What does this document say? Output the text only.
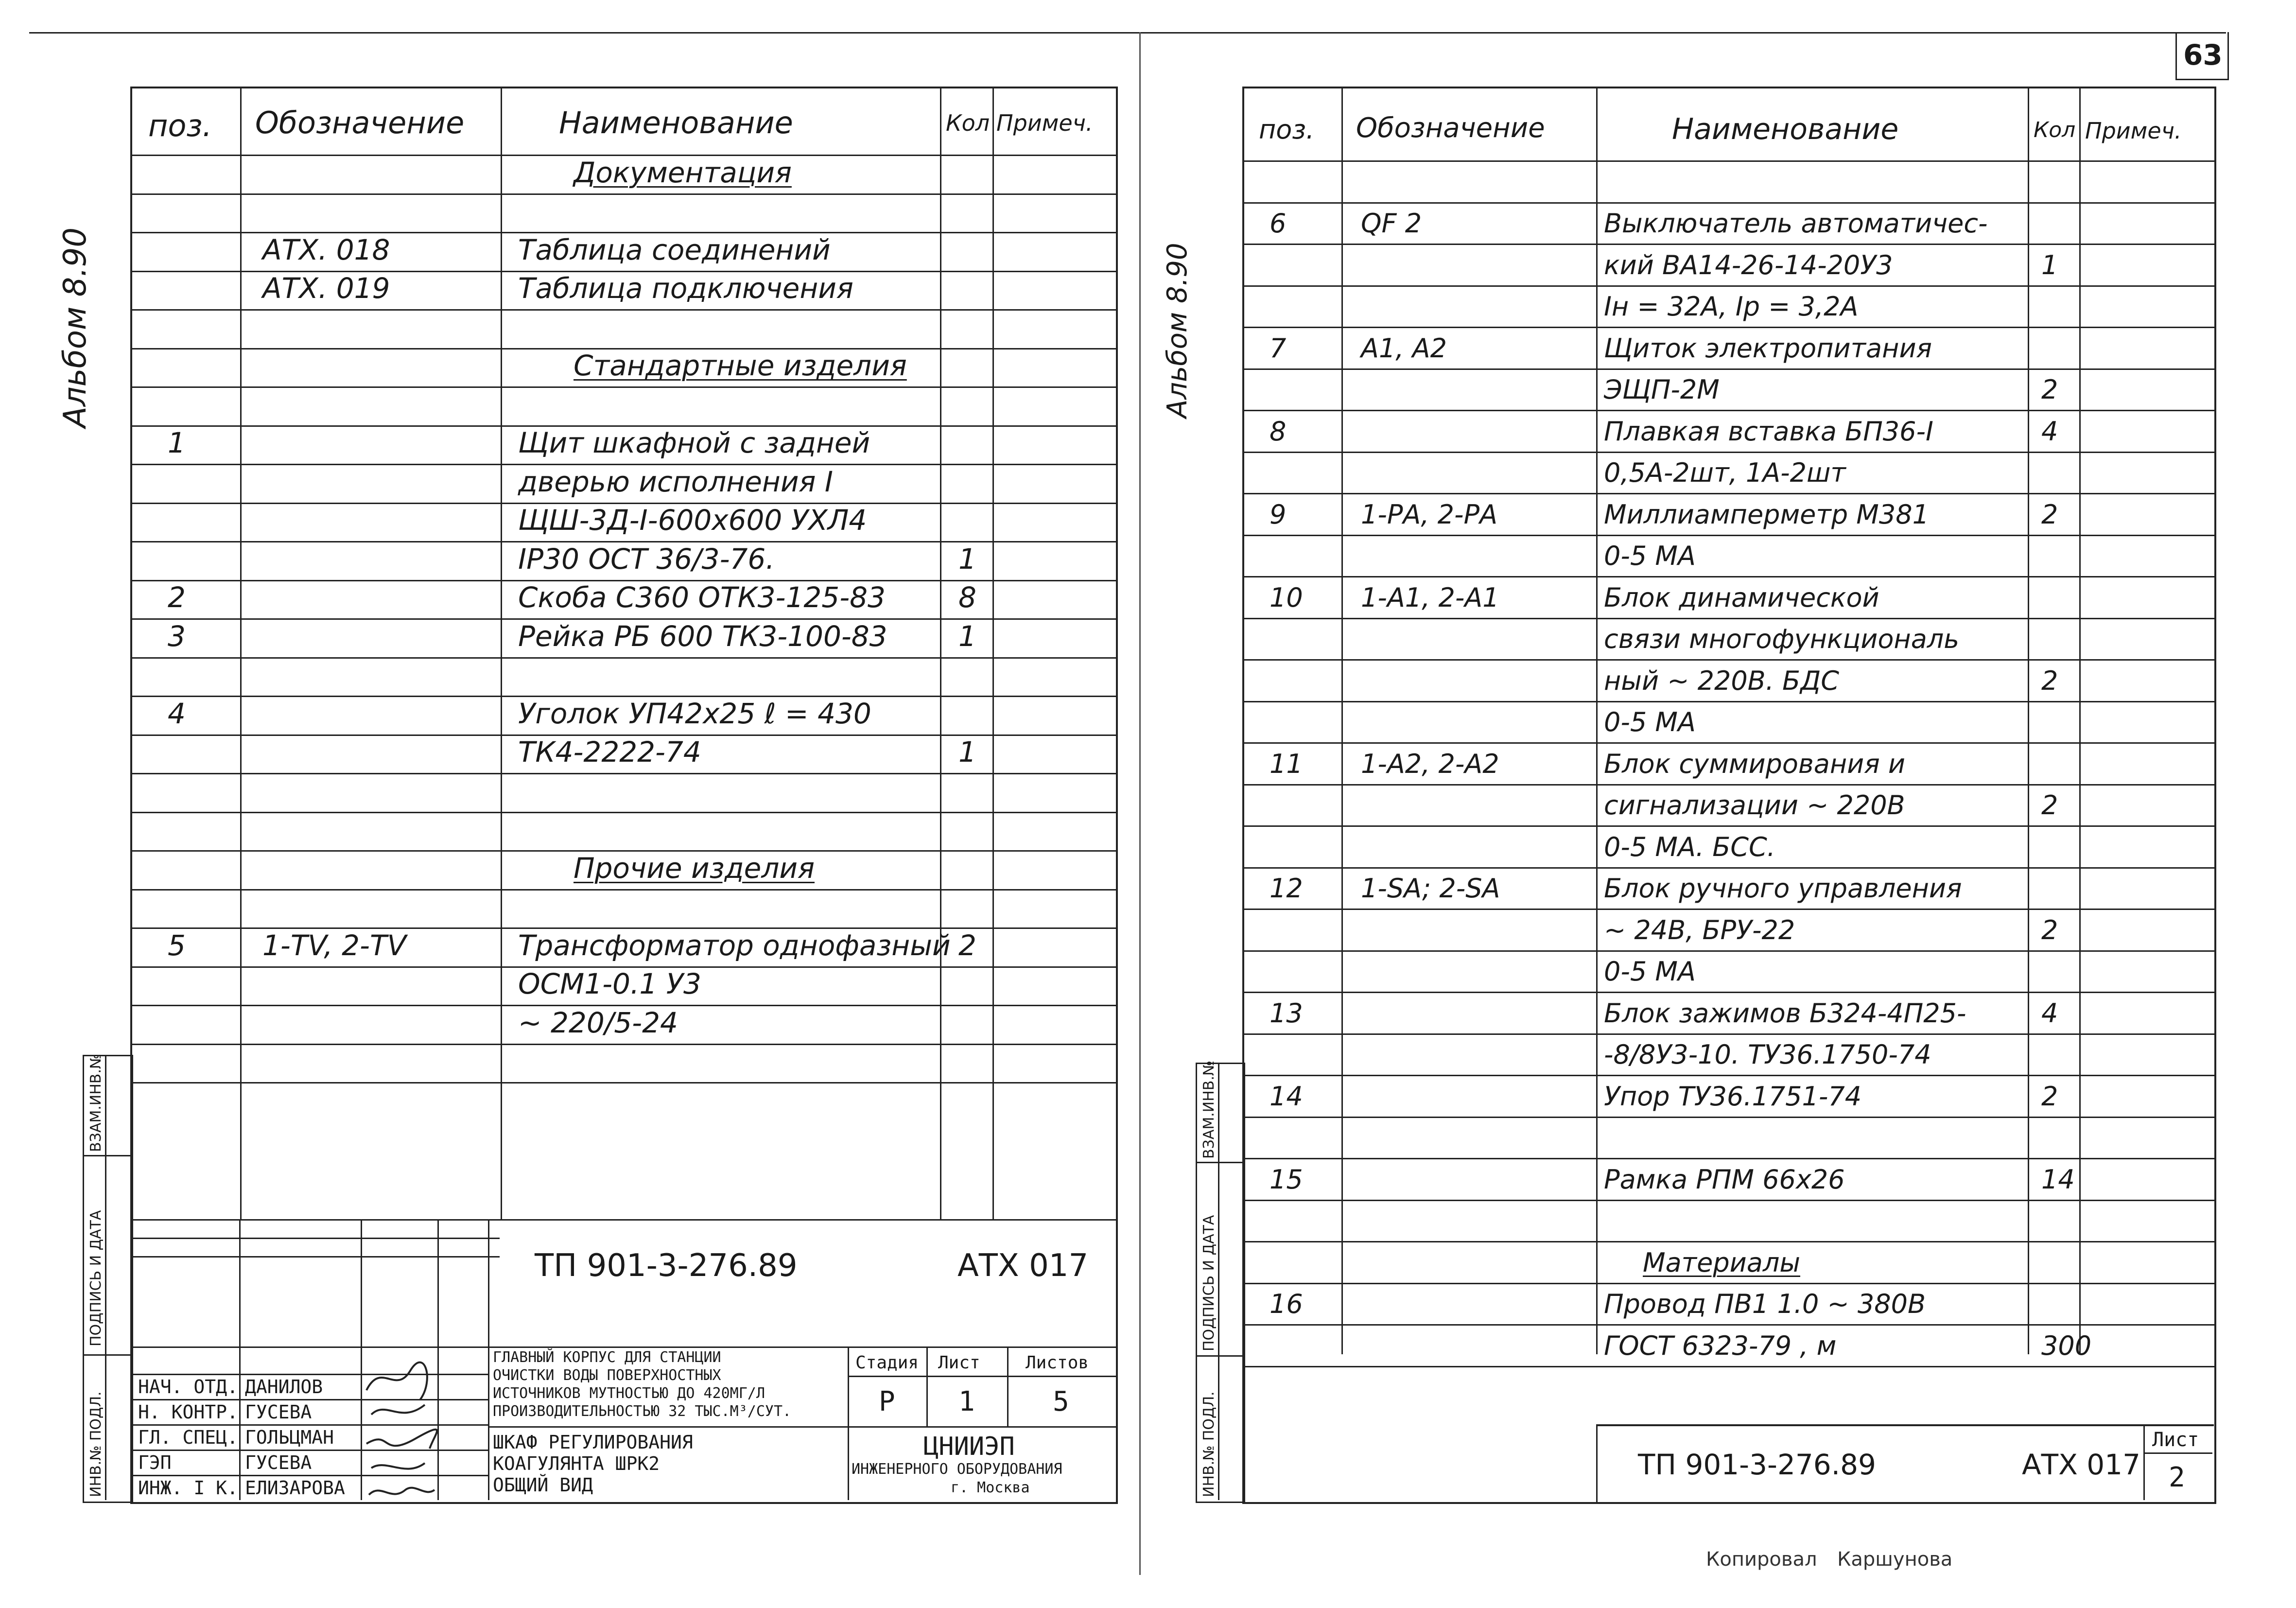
63
Альбом 8.90
поз. Обозначение	Наименование	Кол Примеч.
Документация
АТХ. 018	Таблица соединений
АТХ. 019	Таблица подключения
Стандартные изделия
1	Щит шкафной с задней
дверью исполнения I
ЩШ-3Д-I-600х600 УХЛ4
IР30 ОСТ 36/3-76.	1
2	Скоба С360 ОТК3-125-83	8
3	Рейка РБ 600 ТК3-100-83	1
4	Уголок УП42х25 ℓ = 430
ТК4-2222-74	1
Прочие изделия
5	1-ТV, 2-ТV	Трансформатор однофазный 2
ОСМ1-0.1 У3
~ 220/5-24
ИНВ.№ ПОДЛ.
ПОДПИСЬ И ДАТА
ВЗАМ.ИНВ.№
ТП 901-3-276.89	АТХ 017
НАЧ. ОТД. ДАНИЛОВ
Н. КОНТР. ГУСЕВА
ГЛ. СПЕЦ. ГОЛЬЦМАН
ГЭП	ГУСЕВА
ИНЖ. I К. ЕЛИЗАРОВА
ГЛАВНЫЙ КОРПУС ДЛЯ СТАНЦИИ
ОЧИСТКИ ВОДЫ ПОВЕРХНОСТНЫХ
ИСТОЧНИКОВ МУТНОСТЬЮ ДО 420МГ/Л
ПРОИЗВОДИТЕЛЬНОСТЬЮ 32 ТЫС.М³/СУТ.
ШКАФ РЕГУЛИРОВАНИЯ
КОАГУЛЯНТА ШРК2
ОБЩИЙ ВИД
Стадия Лист	Листов
Р 1	5
ЦНИИЭП
ИНЖЕНЕРНОГО ОБОРУДОВАНИЯ
г. Москва
Альбом 8.90
поз. Обозначение	Наименование	Кол Примеч.
6	QF 2	Выключатель автоматичес-
кий ВА14-26-14-20У3	1
Iн = 32А, Iр = 3,2А
7	А1, А2	Щиток электропитания
ЭЩП-2М	2
8	Плавкая вставка БП36-I	4
0,5А-2шт, 1А-2шт
9	1-РА, 2-РА	Миллиамперметр М381	2
0-5 МА
10 1-А1, 2-А1	Блок динамической
связи многофункциональ
ный ~ 220В. БДС	2
0-5 МА
11 1-А2, 2-А2	Блок суммирования и
сигнализации ~ 220В	2
0-5 МА. БСС.
12 1-SA; 2-SA	Блок ручного управления
~ 24В, БРУ-22	2
0-5 МА
13	Блок зажимов Б324-4П25-	4
-8/8У3-10. ТУ36.1750-74
14	Упор ТУ36.1751-74	2
15	Рамка РПМ 66х26	14
Материалы
16	Провод ПВ1 1.0 ~ 380В
ГОСТ 6323-79 , м	300
ИНВ.№ ПОДЛ.
ПОДПИСЬ И ДАТА
ВЗАМ.ИНВ.№
ТП 901-3-276.89	АТХ 017
Лист
2
Копировал Каршунова
